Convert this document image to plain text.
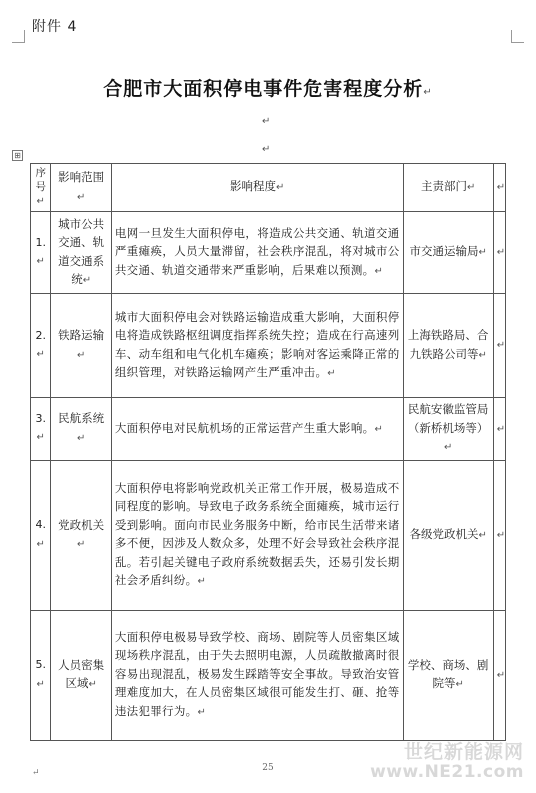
附件 4
合肥市大面积停电事件危害程度分析↵
↵
↵
⊞
序号↵	影响范围↵	影响程度↵	主责部门↵	↵
1.↵	城市公共交通、轨道交通系统↵	电网一旦发生大面积停电，将造成公共交通、轨道交通严重瘫痪，人员大量滞留，社会秩序混乱，将对城市公共交通、轨道交通带来严重影响，后果难以预测。↵	市交通运输局↵	↵
2.↵	铁路运输↵	城市大面积停电会对铁路运输造成重大影响，大面积停电将造成铁路枢纽调度指挥系统失控；造成在行高速列车、动车组和电气化机车瘫痪；影响对客运乘降正常的组织管理，对铁路运输网产生严重冲击。↵	上海铁路局、合九铁路公司等↵	↵
3.↵	民航系统↵	大面积停电对民航机场的正常运营产生重大影响。↵	民航安徽监管局（新桥机场等）↵	↵
4.↵	党政机关↵	大面积停电将影响党政机关正常工作开展，极易造成不同程度的影响。导致电子政务系统全面瘫痪，城市运行受到影响。面向市民业务服务中断，给市民生活带来诸多不便，因涉及人数众多，处理不好会导致社会秩序混乱。若引起关键电子政府系统数据丢失，还易引发长期社会矛盾纠纷。↵	各级党政机关↵	↵
5.↵	人员密集区域↵	大面积停电极易导致学校、商场、剧院等人员密集区域现场秩序混乱，由于失去照明电源，人员疏散撤离时很容易出现混乱，极易发生踩踏等安全事故。导致治安管理难度加大，在人员密集区域很可能发生打、砸、抢等违法犯罪行为。↵	学校、商场、剧院等↵	↵
↵	25
世纪新能源网
www.NE21.com
